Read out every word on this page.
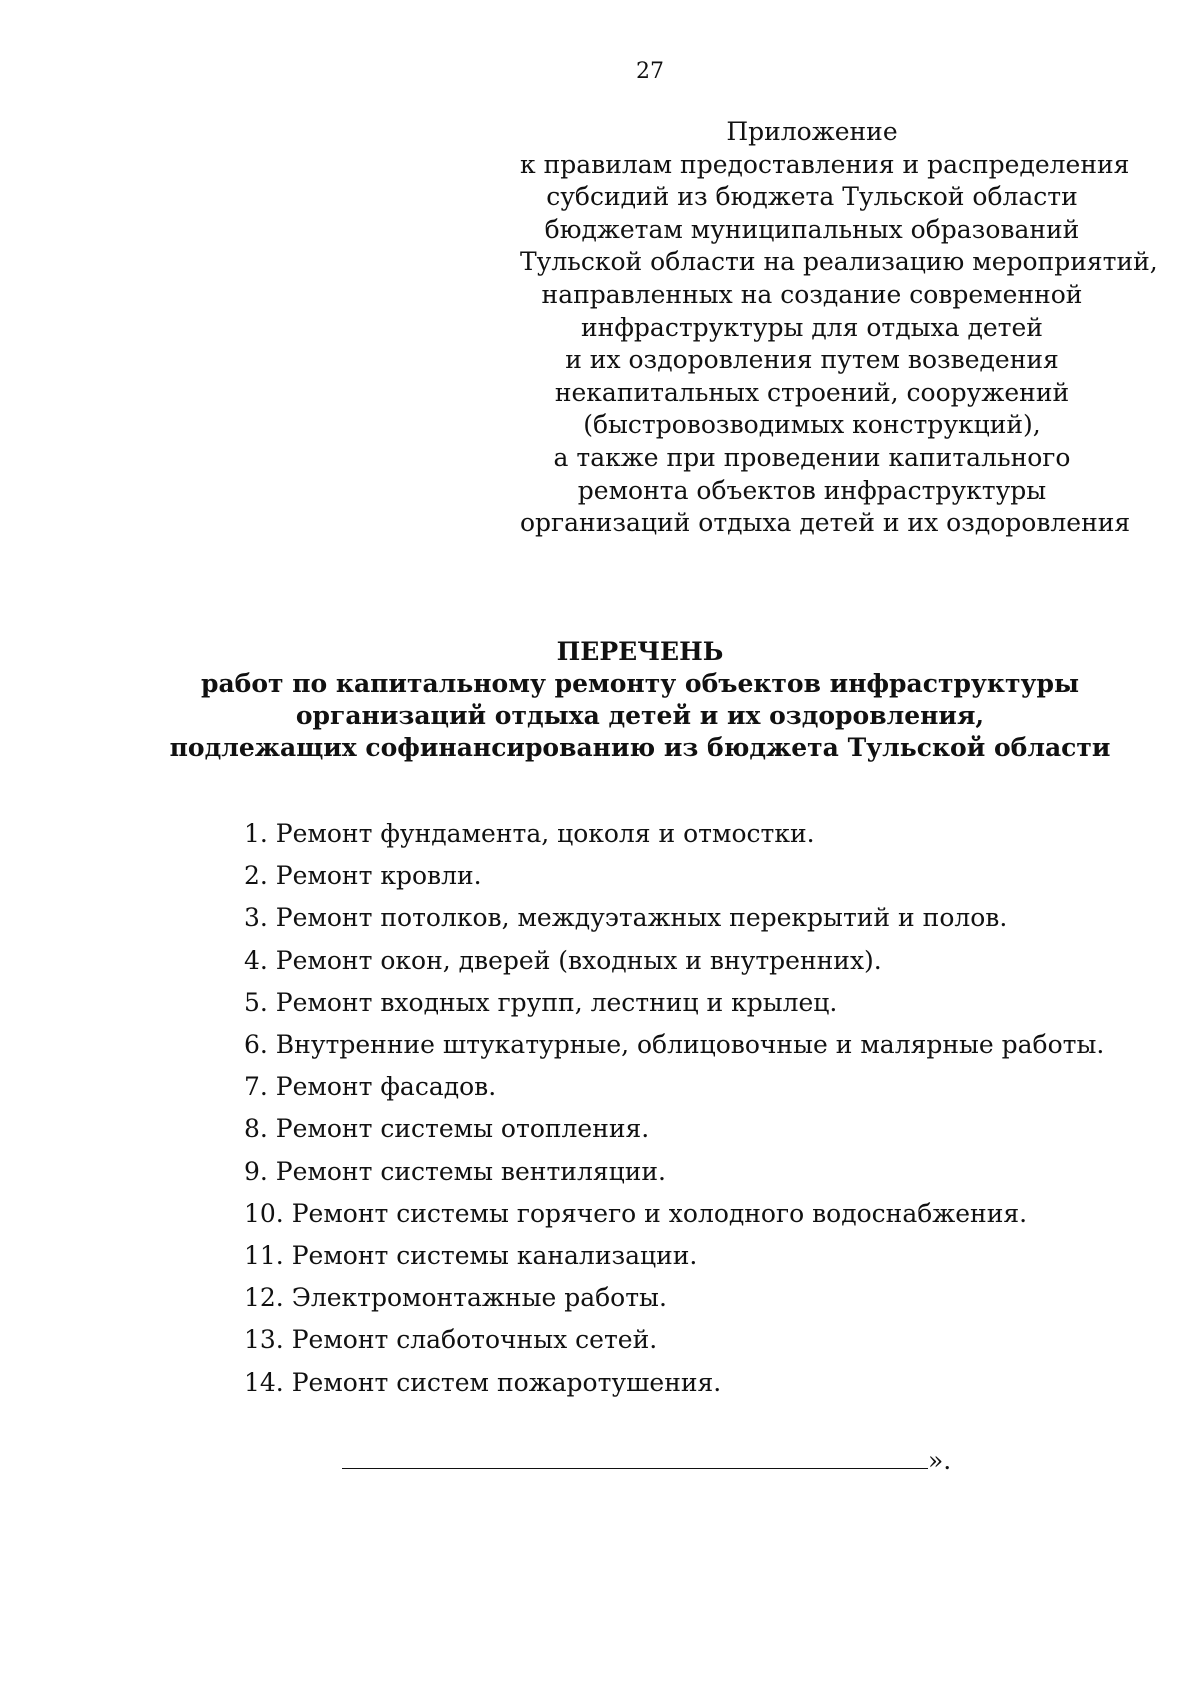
27
Приложение
к правилам предоставления и распределения
субсидий из бюджета Тульской области
бюджетам муниципальных образований
Тульской области на реализацию мероприятий,
направленных на создание современной
инфраструктуры для отдыха детей
и их оздоровления путем возведения
некапитальных строений, сооружений
(быстровозводимых конструкций),
а также при проведении капитального
ремонта объектов инфраструктуры
организаций отдыха детей и их оздоровления
ПЕРЕЧЕНЬ
работ по капитальному ремонту объектов инфраструктуры
организаций отдыха детей и их оздоровления,
подлежащих софинансированию из бюджета Тульской области
1. Ремонт фундамента, цоколя и отмостки.
2. Ремонт кровли.
3. Ремонт потолков, междуэтажных перекрытий и полов.
4. Ремонт окон, дверей (входных и внутренних).
5. Ремонт входных групп, лестниц и крылец.
6. Внутренние штукатурные, облицовочные и малярные работы.
7. Ремонт фасадов.
8. Ремонт системы отопления.
9. Ремонт системы вентиляции.
10. Ремонт системы горячего и холодного водоснабжения.
11. Ремонт системы канализации.
12. Электромонтажные работы.
13. Ремонт слаботочных сетей.
14. Ремонт систем пожаротушения.
».
